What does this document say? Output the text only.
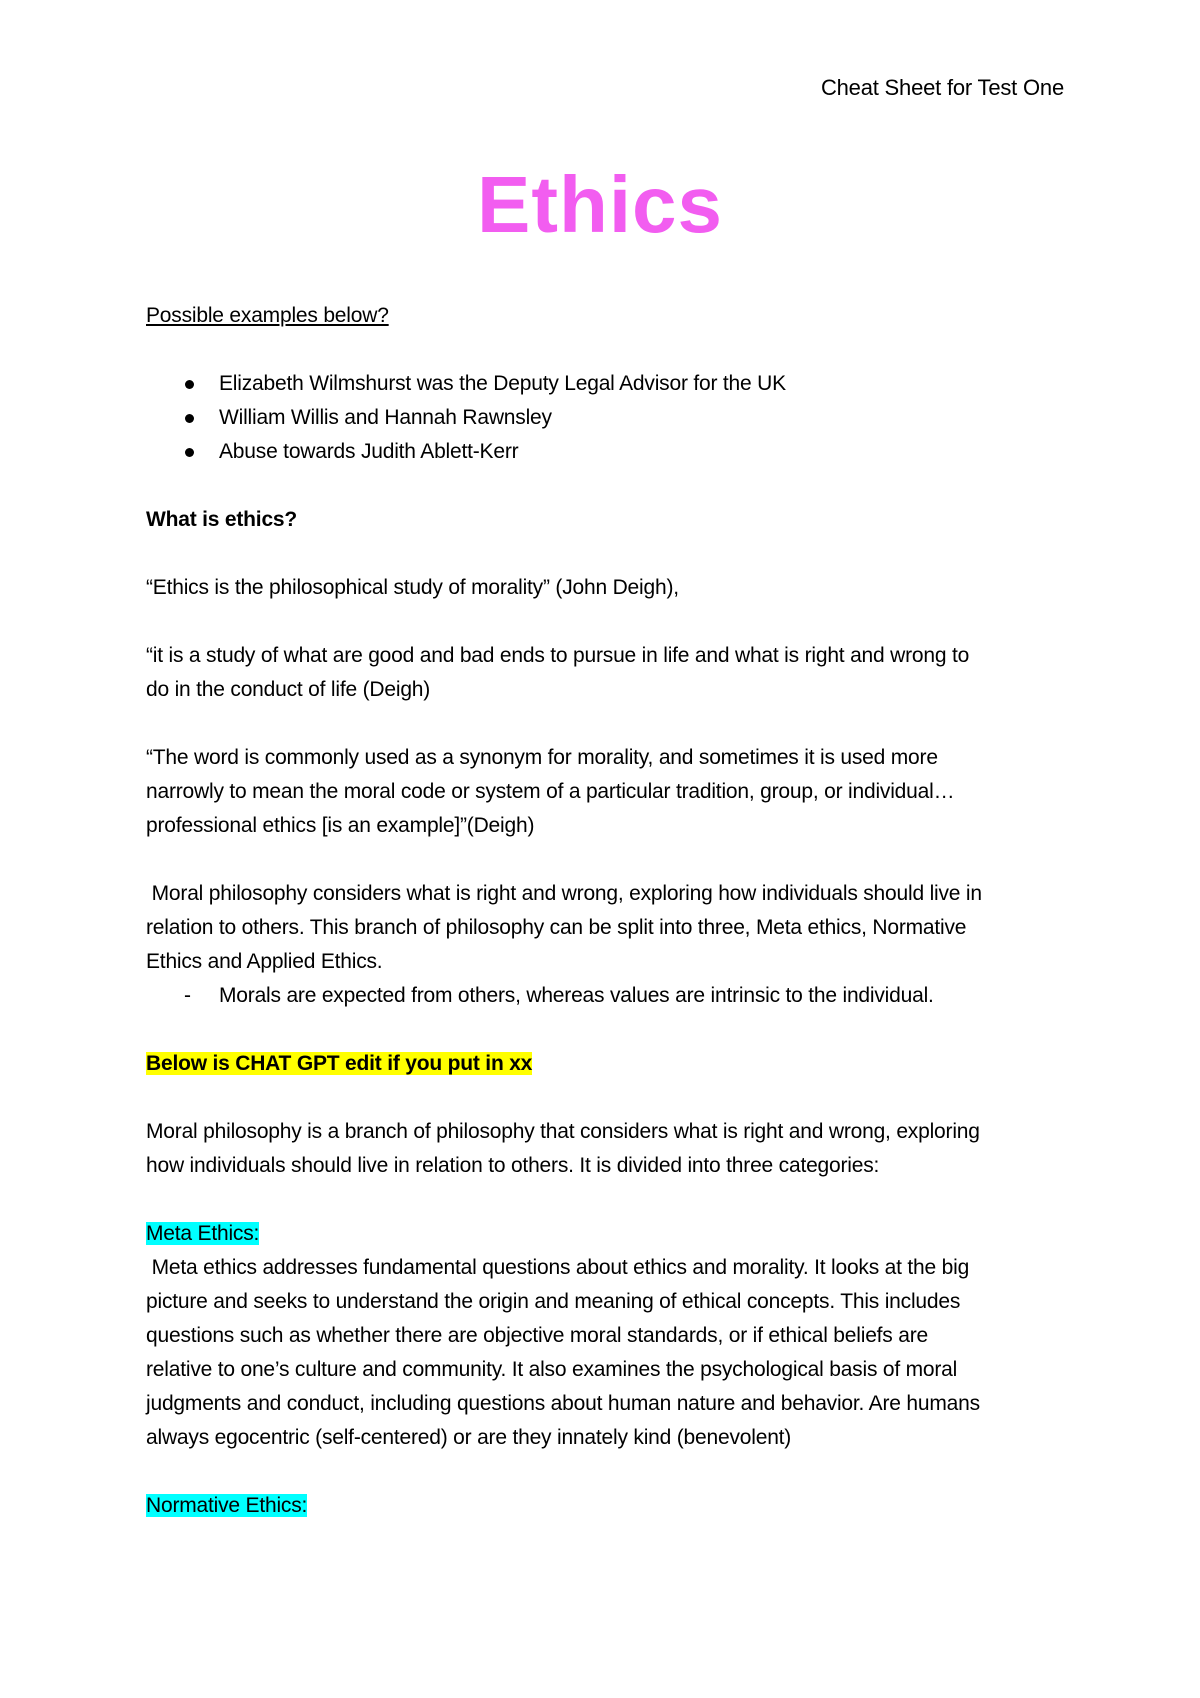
Cheat Sheet for Test One
Ethics

Possible examples below?

Elizabeth Wilmshurst was the Deputy Legal Advisor for the UK
William Willis and Hannah Rawnsley
Abuse towards Judith Ablett-Kerr

What is ethics?

“Ethics is the philosophical study of morality” (John Deigh),

“it is a study of what are good and bad ends to pursue in life and what is right and wrong to

do in the conduct of life (Deigh)

“The word is commonly used as a synonym for morality, and sometimes it is used more

narrowly to mean the moral code or system of a particular tradition, group, or individual…

professional ethics [is an example]”(Deigh)

Moral philosophy considers what is right and wrong, exploring how individuals should live in

relation to others. This branch of philosophy can be split into three, Meta ethics, Normative

Ethics and Applied Ethics.

- Morals are expected from others, whereas values are intrinsic to the individual.

Below is CHAT GPT edit if you put in xx

Moral philosophy is a branch of philosophy that considers what is right and wrong, exploring

how individuals should live in relation to others. It is divided into three categories:

Meta Ethics:

Meta ethics addresses fundamental questions about ethics and morality. It looks at the big

picture and seeks to understand the origin and meaning of ethical concepts. This includes

questions such as whether there are objective moral standards, or if ethical beliefs are

relative to one’s culture and community. It also examines the psychological basis of moral

judgments and conduct, including questions about human nature and behavior. Are humans

always egocentric (self-centered) or are they innately kind (benevolent)

Normative Ethics:
